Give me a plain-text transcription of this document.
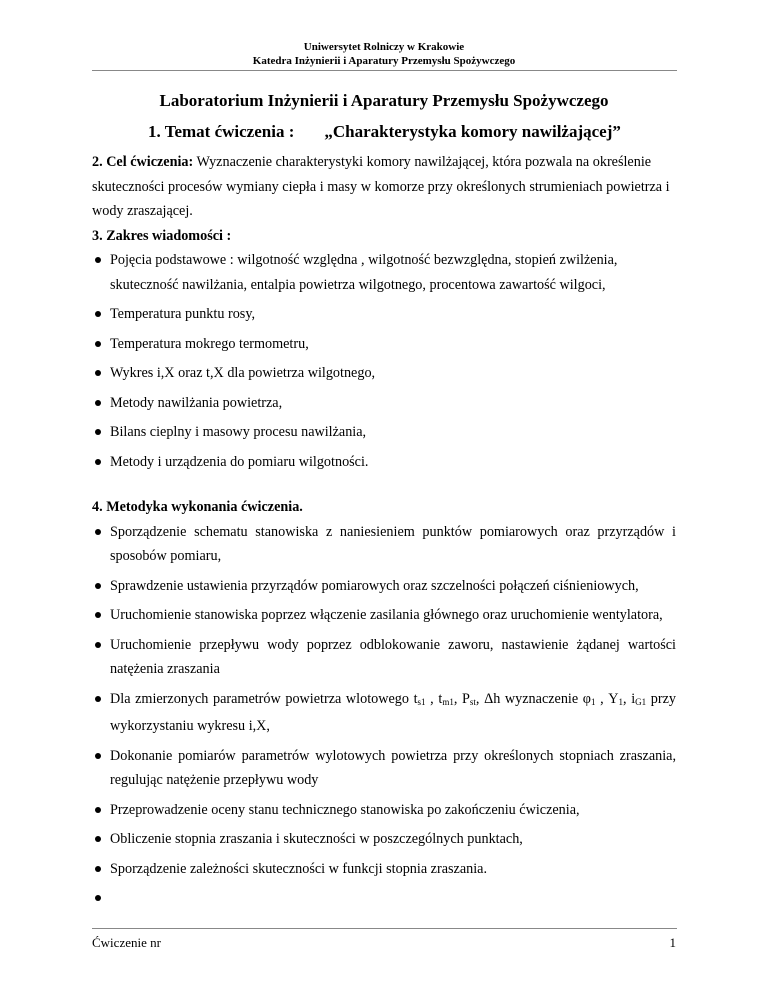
Uniwersytet Rolniczy w Krakowie
Katedra Inżynierii i Aparatury Przemysłu Spożywczego
Laboratorium Inżynierii i Aparatury Przemysłu Spożywczego
1. Temat ćwiczenia : „Charakterystyka komory nawilżającej”

2. Cel ćwiczenia: Wyznaczenie charakterystyki komory nawilżającej, która pozwala na określenie skuteczności procesów wymiany ciepła i masy w komorze przy określonych strumieniach powietrza i wody zraszającej.

3. Zakres wiadomości :

Pojęcia podstawowe : wilgotność względna , wilgotność bezwzględna, stopień zwilżenia, skuteczność nawilżania, entalpia powietrza wilgotnego, procentowa zawartość wilgoci,
Temperatura punktu rosy,
Temperatura mokrego termometru,
Wykres i,X oraz t,X dla powietrza wilgotnego,
Metody nawilżania powietrza,
Bilans cieplny i masowy procesu nawilżania,
Metody i urządzenia do pomiaru wilgotności.

4. Metodyka wykonania ćwiczenia.

Sporządzenie schematu stanowiska z naniesieniem punktów pomiarowych oraz przyrządów i sposobów pomiaru,
Sprawdzenie ustawienia przyrządów pomiarowych oraz szczelności połączeń ciśnieniowych,
Uruchomienie stanowiska poprzez włączenie zasilania głównego oraz uruchomienie wentylatora,
Uruchomienie przepływu wody poprzez odblokowanie zaworu, nastawienie żądanej wartości natężenia zraszania
Dla zmierzonych parametrów powietrza wlotowego $t_{s1}$ , $t_{m1}$, $P_{st}$, Δh wyznaczenie $\varphi_1$ , $Y_1$, $i_{G1}$ przy wykorzystaniu wykresu i,X,
Dokonanie pomiarów parametrów wylotowych powietrza przy określonych stopniach zraszania, regulując natężenie przepływu wody
Przeprowadzenie oceny stanu technicznego stanowiska po zakończeniu ćwiczenia,
Obliczenie stopnia zraszania i skuteczności w poszczególnych punktach,
Sporządzenie zależności skuteczności w funkcji stopnia zraszania.

Ćwiczenie nr	1
